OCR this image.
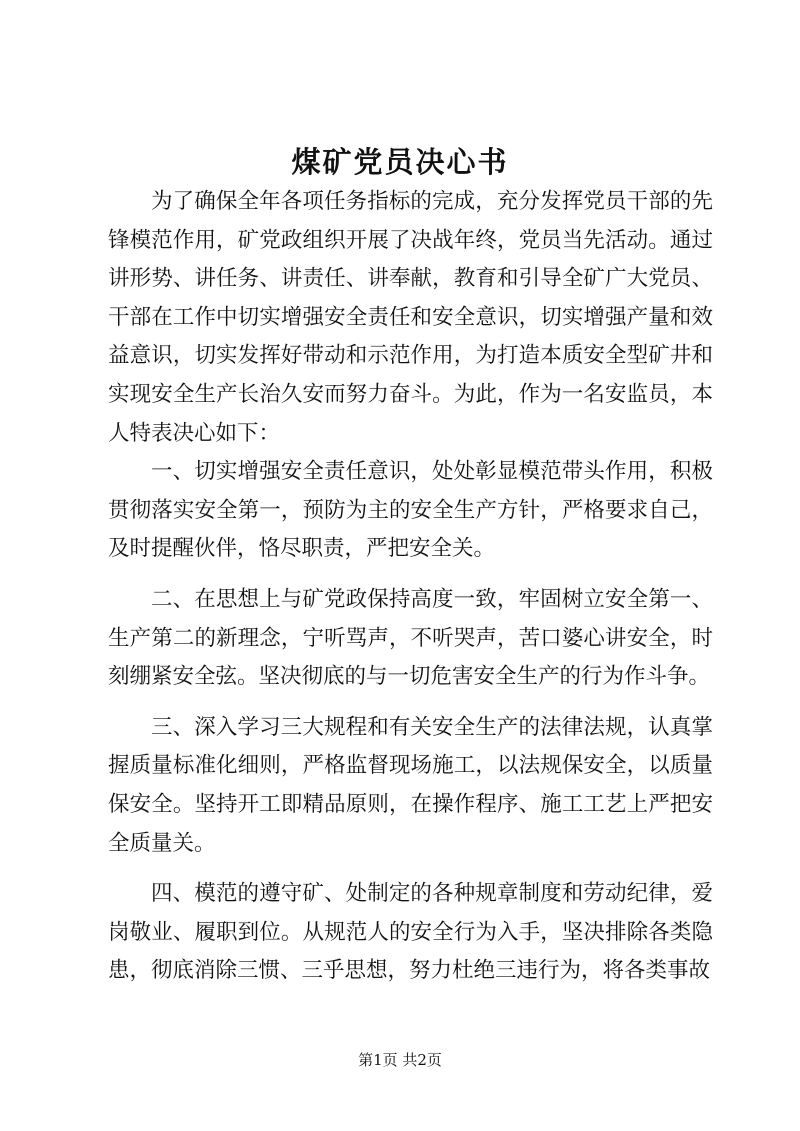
煤矿党员决心书

为了确保全年各项任务指标的完成，充分发挥党员干部的先锋模范作用，矿党政组织开展了决战年终，党员当先活动。通过讲形势、讲任务、讲责任、讲奉献，教育和引导全矿广大党员、干部在工作中切实增强安全责任和安全意识，切实增强产量和效益意识，切实发挥好带动和示范作用，为打造本质安全型矿井和实现安全生产长治久安而努力奋斗。为此，作为一名安监员，本人特表决心如下：

一、切实增强安全责任意识，处处彰显模范带头作用，积极贯彻落实安全第一，预防为主的安全生产方针，严格要求自己，及时提醒伙伴，恪尽职责，严把安全关。

二、在思想上与矿党政保持高度一致，牢固树立安全第一、生产第二的新理念，宁听骂声，不听哭声，苦口婆心讲安全，时刻绷紧安全弦。坚决彻底的与一切危害安全生产的行为作斗争。

三、深入学习三大规程和有关安全生产的法律法规，认真掌握质量标准化细则，严格监督现场施工，以法规保安全，以质量保安全。坚持开工即精品原则，在操作程序、施工工艺上严把安全质量关。

四、模范的遵守矿、处制定的各种规章制度和劳动纪律，爱岗敬业、履职到位。从规范人的安全行为入手，坚决排除各类隐患，彻底消除三惯、三乎思想，努力杜绝三违行为，将各类事故

第1页 共2页
